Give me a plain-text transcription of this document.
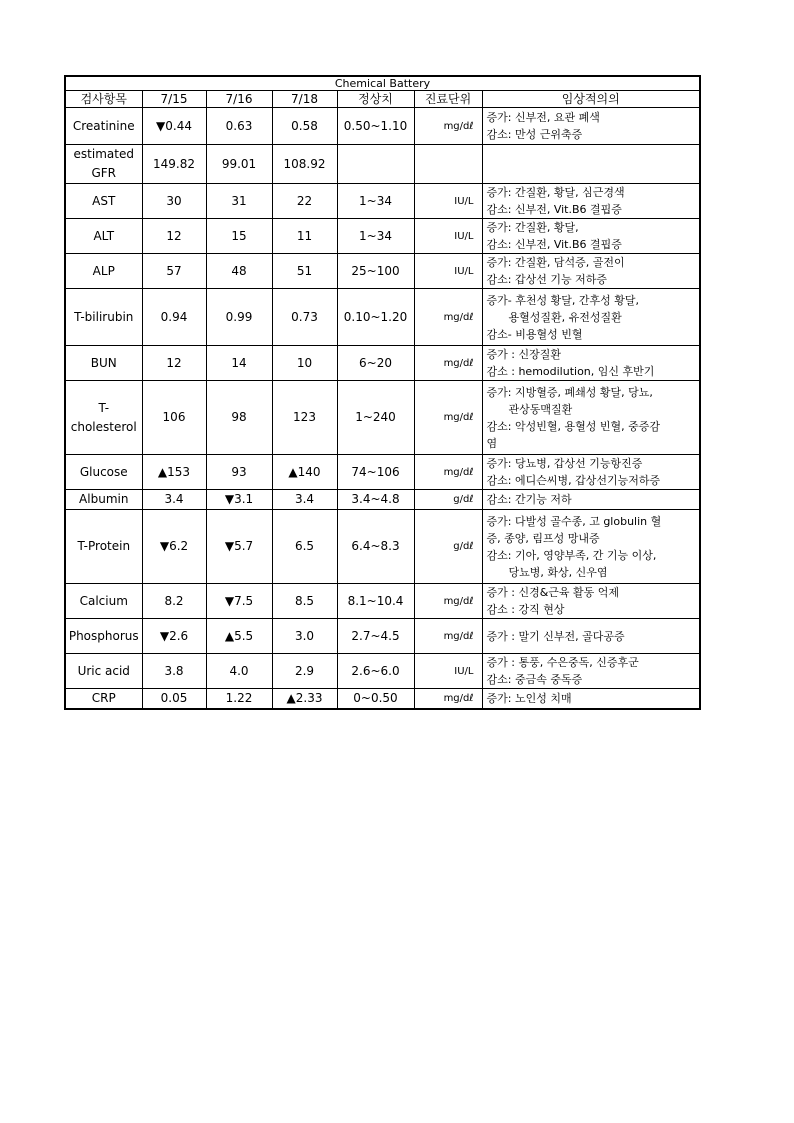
Chemical Battery						
검사항목	7/15	7/16	7/18	정상치	진료단위	임상적의의
Creatinine	▼0.44	0.63	0.58	0.50~1.10	mg/dℓ	증가: 신부전, 요관 폐색
감소: 만성 근위축증

estimated GFR	149.82	99.01	108.92			
AST	30	31	22	1~34	IU/L	증가: 간질환, 황달, 심근경색
감소: 신부전, Vit.B6 결핍증

ALT	12	15	11	1~34	IU/L	증가: 간질환, 황달,
감소: 신부전, Vit.B6 결핍증

ALP	57	48	51	25~100	IU/L	증가: 간질환, 담석증, 골전이
감소: 갑상선 기능 저하증

T-bilirubin	0.94	0.99	0.73	0.10~1.20	mg/dℓ	증가- 후천성 황달, 간후성 황달,
용혈성질환, 유전성질환
감소- 비용혈성 빈혈

BUN	12	14	10	6~20	mg/dℓ	증가 : 신장질환
감소 : hemodilution, 임신 후반기

T-cholesterol	106	98	123	1~240	mg/dℓ	증가: 지방혈증, 폐쇄성 황달, 당뇨,
관상동맥질환
감소: 악성빈혈, 용혈성 빈혈, 중증감
염

Glucose	▲153	93	▲140	74~106	mg/dℓ	증가: 당뇨병, 갑상선 기능항진증
감소: 에디슨씨병, 갑상선기능저하증

Albumin	3.4	▼3.1	3.4	3.4~4.8	g/dℓ	감소: 간기능 저하

T-Protein	▼6.2	▼5.7	6.5	6.4~8.3	g/dℓ	증가: 다발성 골수종, 고 globulin 혈
증, 종양, 림프성 망내증
감소: 기아, 영양부족, 간 기능 이상,
당뇨병, 화상, 신우염

Calcium	8.2	▼7.5	8.5	8.1~10.4	mg/dℓ	증가 : 신경&근육 활동 억제
감소 : 강직 현상

Phosphorus	▼2.6	▲5.5	3.0	2.7~4.5	mg/dℓ	증가 : 말기 신부전, 골다공증

Uric acid	3.8	4.0	2.9	2.6~6.0	IU/L	증가 : 통풍, 수은중독, 신증후군
감소: 중금속 중독증

CRP	0.05	1.22	▲2.33	0~0.50	mg/dℓ	증가: 노인성 치매
